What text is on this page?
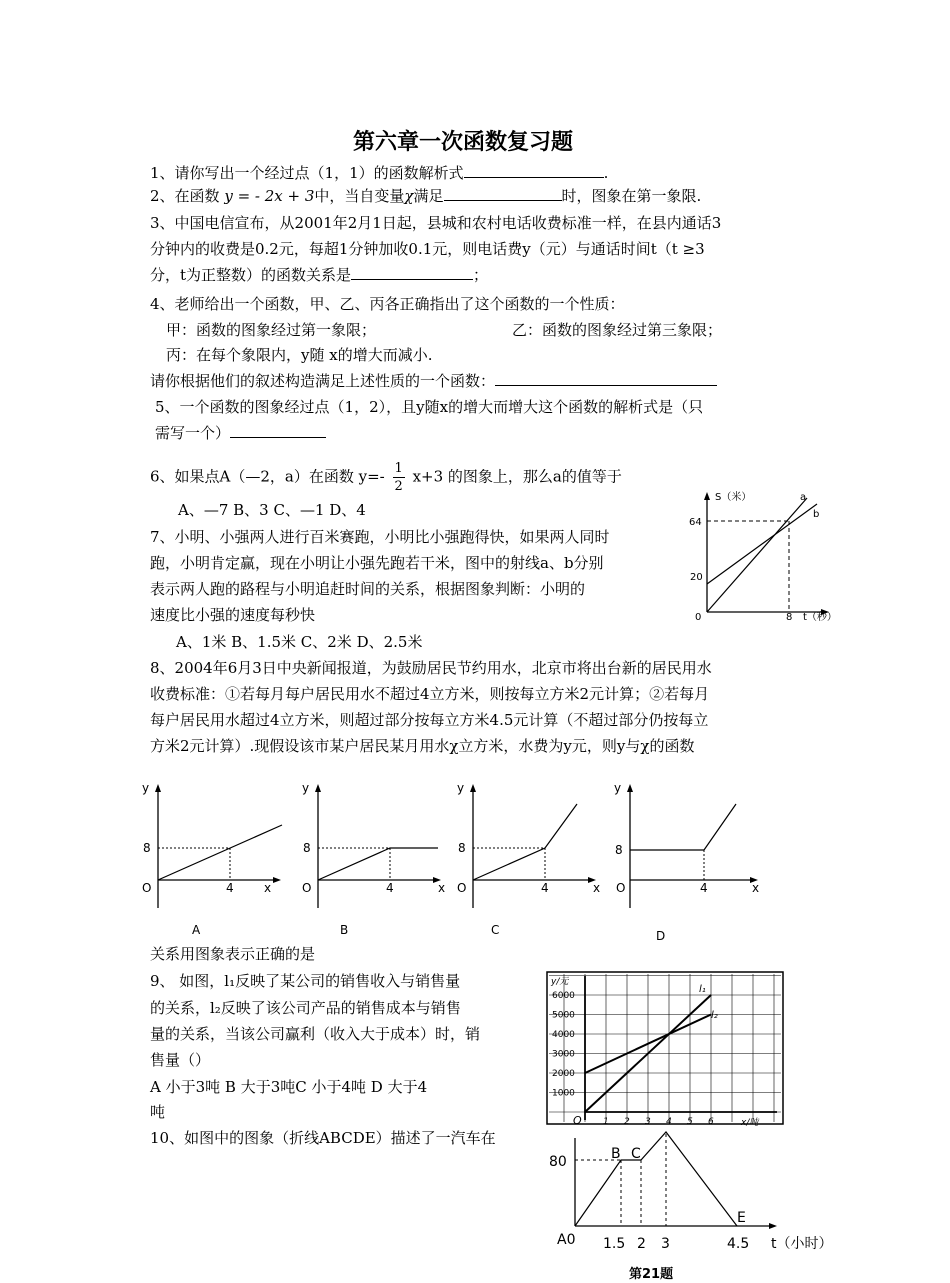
第六章一次函数复习题
1、请你写出一个经过点（1，1）的函数解析式	.
2、在函数 y = - 2x + 3中，当自变量χ满足	时，图象在第一象限.
3、中国电信宣布，从2001年2月1日起，县城和农村电话收费标准一样，在县内通话3
分钟内的收费是0.2元，每超1分钟加收0.1元，则电话费y（元）与通话时间t（t ≥3
分，t为正整数）的函数关系是	；
4、老师给出一个函数，甲、乙、丙各正确指出了这个函数的一个性质：
甲：函数的图象经过第一象限；	乙：函数的图象经过第三象限；
丙：在每个象限内，y随 x的增大而减小.
请你根据他们的叙述构造满足上述性质的一个函数：
5、一个函数的图象经过点（1，2），且y随x的增大而增大这个函数的解析式是（只
需写一个）
6、如果点A（—2，a）在函数 $y=- \frac{1}{2} x+3$ 的图象上，那么a的值等于
A、—7 B、3 C、—1 D、4
7、小明、小强两人进行百米赛跑，小明比小强跑得快，如果两人同时
跑，小明肯定赢，现在小明让小强先跑若干米，图中的射线a、b分别
表示两人跑的路程与小明追赶时间的关系，根据图象判断：小明的
速度比小强的速度每秒快
A、1米 B、1.5米 C、2米 D、2.5米
S（米）	a
b
64
20
0	8 t（秒）
8、2004年6月3日中央新闻报道，为鼓励居民节约用水，北京市将出台新的居民用水
收费标准：①若每月每户居民用水不超过4立方米，则按每立方米2元计算；②若每月
每户居民用水超过4立方米，则超过部分按每立方米4.5元计算（不超过部分仍按每立
方米2元计算）.现假设该市某户居民某月用水χ立方米，水费为y元，则y与χ的函数
y
8
O	4	x
A
y
8
O	4	x
B
y
8
O	4	x
C
y
8
O	4	x
D
关系用图象表示正确的是
9、 如图，l₁反映了某公司的销售收入与销售量
的关系，l₂反映了该公司产品的销售成本与销售
量的关系，当该公司赢利（收入大于成本）时，销
售量（）
A 小于3吨 B 大于3吨C 小于4吨 D 大于4
吨
1000
2000
3000
4000
5000
6000
1 2 3 4 5 6
y/元
O	x/吨
l₁
l₂
10、如图中的图象（折线ABCDE）描述了一汽车在
80	B C
E
A0 1.5 2 3	4.5 t（小时）
第21题
